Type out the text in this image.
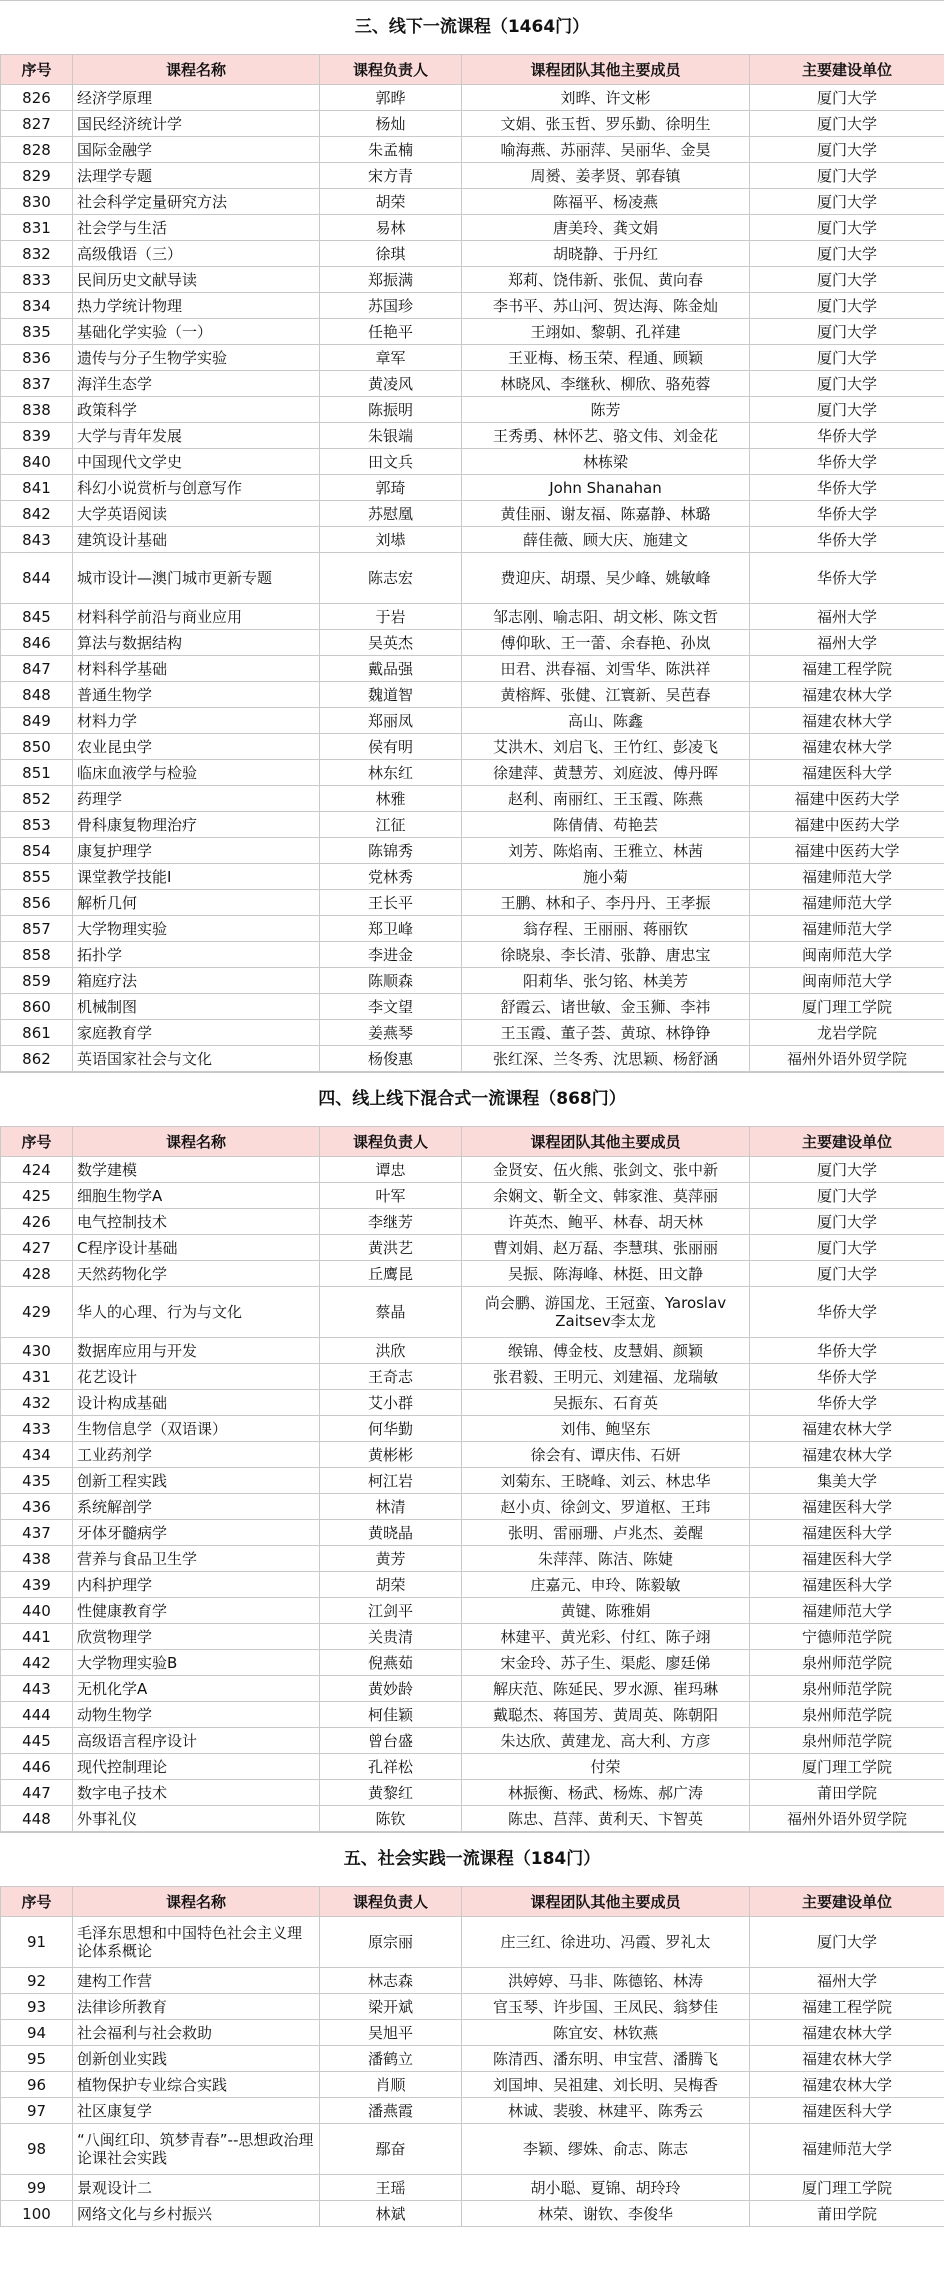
三、线下一流课程（1464门）
序号	课程名称	课程负责人	课程团队其他主要成员	主要建设单位
826	经济学原理	郭晔	刘晔、许文彬	厦门大学
827	国民经济统计学	杨灿	文娟、张玉哲、罗乐勤、徐明生	厦门大学
828	国际金融学	朱孟楠	喻海燕、苏丽萍、吴丽华、金昊	厦门大学
829	法理学专题	宋方青	周赟、姜孝贤、郭春镇	厦门大学
830	社会科学定量研究方法	胡荣	陈福平、杨凌燕	厦门大学
831	社会学与生活	易林	唐美玲、龚文娟	厦门大学
832	高级俄语（三）	徐琪	胡晓静、于丹红	厦门大学
833	民间历史文献导读	郑振满	郑莉、饶伟新、张侃、黄向春	厦门大学
834	热力学统计物理	苏国珍	李书平、苏山河、贺达海、陈金灿	厦门大学
835	基础化学实验（一）	任艳平	王翊如、黎朝、孔祥建	厦门大学
836	遗传与分子生物学实验	章军	王亚梅、杨玉荣、程通、顾颖	厦门大学
837	海洋生态学	黄凌风	林晓风、李继秋、柳欣、骆苑蓉	厦门大学
838	政策科学	陈振明	陈芳	厦门大学
839	大学与青年发展	朱银端	王秀勇、林怀艺、骆文伟、刘金花	华侨大学
840	中国现代文学史	田文兵	林栋梁	华侨大学
841	科幻小说赏析与创意写作	郭琦	John Shanahan	华侨大学
842	大学英语阅读	苏慰凰	黄佳丽、谢友福、陈嘉静、林璐	华侨大学
843	建筑设计基础	刘塨	薛佳薇、顾大庆、施建文	华侨大学
844	城市设计—澳门城市更新专题	陈志宏	费迎庆、胡璟、吴少峰、姚敏峰	华侨大学
845	材料科学前沿与商业应用	于岩	邹志刚、喻志阳、胡文彬、陈文哲	福州大学
846	算法与数据结构	吴英杰	傅仰耿、王一蕾、余春艳、孙岚	福州大学
847	材料科学基础	戴品强	田君、洪春福、刘雪华、陈洪祥	福建工程学院
848	普通生物学	魏道智	黄榕辉、张健、江寰新、吴芭春	福建农林大学
849	材料力学	郑丽凤	高山、陈鑫	福建农林大学
850	农业昆虫学	侯有明	艾洪木、刘启飞、王竹红、彭凌飞	福建农林大学
851	临床血液学与检验	林东红	徐建萍、黄慧芳、刘庭波、傅丹晖	福建医科大学
852	药理学	林雅	赵利、南丽红、王玉霞、陈燕	福建中医药大学
853	骨科康复物理治疗	江征	陈倩倩、苟艳芸	福建中医药大学
854	康复护理学	陈锦秀	刘芳、陈焰南、王雅立、林茜	福建中医药大学
855	课堂教学技能I	党林秀	施小菊	福建师范大学
856	解析几何	王长平	王鹏、林和子、李丹丹、王孝振	福建师范大学
857	大学物理实验	郑卫峰	翁存程、王丽丽、蒋丽钦	福建师范大学
858	拓扑学	李进金	徐晓泉、李长清、张静、唐忠宝	闽南师范大学
859	箱庭疗法	陈顺森	阳莉华、张匀铭、林美芳	闽南师范大学
860	机械制图	李文望	舒霞云、诸世敏、金玉狮、李祎	厦门理工学院
861	家庭教育学	姜燕琴	王玉霞、董子荟、黄琼、林铮铮	龙岩学院
862	英语国家社会与文化	杨俊惠	张红深、兰冬秀、沈思颖、杨舒涵	福州外语外贸学院
四、线上线下混合式一流课程（868门）
序号	课程名称	课程负责人	课程团队其他主要成员	主要建设单位
424	数学建模	谭忠	金贤安、伍火熊、张剑文、张中新	厦门大学
425	细胞生物学A	叶军	余娴文、靳全文、韩家淮、莫萍丽	厦门大学
426	电气控制技术	李继芳	许英杰、鲍平、林春、胡天林	厦门大学
427	C程序设计基础	黄洪艺	曹刘娟、赵万磊、李慧琪、张丽丽	厦门大学
428	天然药物化学	丘鹰昆	吴振、陈海峰、林挺、田文静	厦门大学
429	华人的心理、行为与文化	蔡晶	尚会鹏、游国龙、王冠蛮、Yaroslav Zaitsev李太龙	华侨大学
430	数据库应用与开发	洪欣	缑锦、傅金枝、皮慧娟、颜颖	华侨大学
431	花艺设计	王奇志	张君毅、王明元、刘建福、龙瑞敏	华侨大学
432	设计构成基础	艾小群	吴振东、石育英	华侨大学
433	生物信息学（双语课）	何华勤	刘伟、鲍坚东	福建农林大学
434	工业药剂学	黄彬彬	徐会有、谭庆伟、石妍	福建农林大学
435	创新工程实践	柯江岩	刘菊东、王晓峰、刘云、林忠华	集美大学
436	系统解剖学	林清	赵小贞、徐剑文、罗道枢、王玮	福建医科大学
437	牙体牙髓病学	黄晓晶	张明、雷丽珊、卢兆杰、姜醒	福建医科大学
438	营养与食品卫生学	黄芳	朱萍萍、陈洁、陈婕	福建医科大学
439	内科护理学	胡荣	庄嘉元、申玲、陈毅敏	福建医科大学
440	性健康教育学	江剑平	黄键、陈雅娟	福建师范大学
441	欣赏物理学	关贵清	林建平、黄光彩、付红、陈子翊	宁德师范学院
442	大学物理实验B	倪燕茹	宋金玲、苏子生、渠彪、廖廷俤	泉州师范学院
443	无机化学A	黄妙龄	解庆范、陈延民、罗水源、崔玛琳	泉州师范学院
444	动物生物学	柯佳颖	戴聪杰、蒋国芳、黄周英、陈朝阳	泉州师范学院
445	高级语言程序设计	曾台盛	朱达欣、黄建龙、高大利、方彦	泉州师范学院
446	现代控制理论	孔祥松	付荣	厦门理工学院
447	数字电子技术	黄黎红	林振衡、杨武、杨炼、郝广涛	莆田学院
448	外事礼仪	陈钦	陈忠、莒萍、黄利天、卞智英	福州外语外贸学院
五、社会实践一流课程（184门）
序号	课程名称	课程负责人	课程团队其他主要成员	主要建设单位
91	毛泽东思想和中国特色社会主义理论体系概论	原宗丽	庄三红、徐进功、冯霞、罗礼太	厦门大学
92	建构工作营	林志森	洪婷婷、马非、陈德铭、林涛	福州大学
93	法律诊所教育	梁开斌	官玉琴、许步国、王凤民、翁梦佳	福建工程学院
94	社会福利与社会救助	吴旭平	陈宜安、林钦燕	福建农林大学
95	创新创业实践	潘鹤立	陈清西、潘东明、申宝营、潘腾飞	福建农林大学
96	植物保护专业综合实践	肖顺	刘国坤、吴祖建、刘长明、吴梅香	福建农林大学
97	社区康复学	潘燕霞	林诚、裴骏、林建平、陈秀云	福建医科大学
98	“八闽红印、筑梦青春”--思想政治理论课社会实践	鄢奋	李颖、缪姝、俞志、陈志	福建师范大学
99	景观设计二	王瑶	胡小聪、夏锦、胡玲玲	厦门理工学院
100	网络文化与乡村振兴	林斌	林荣、谢钦、李俊华	莆田学院
